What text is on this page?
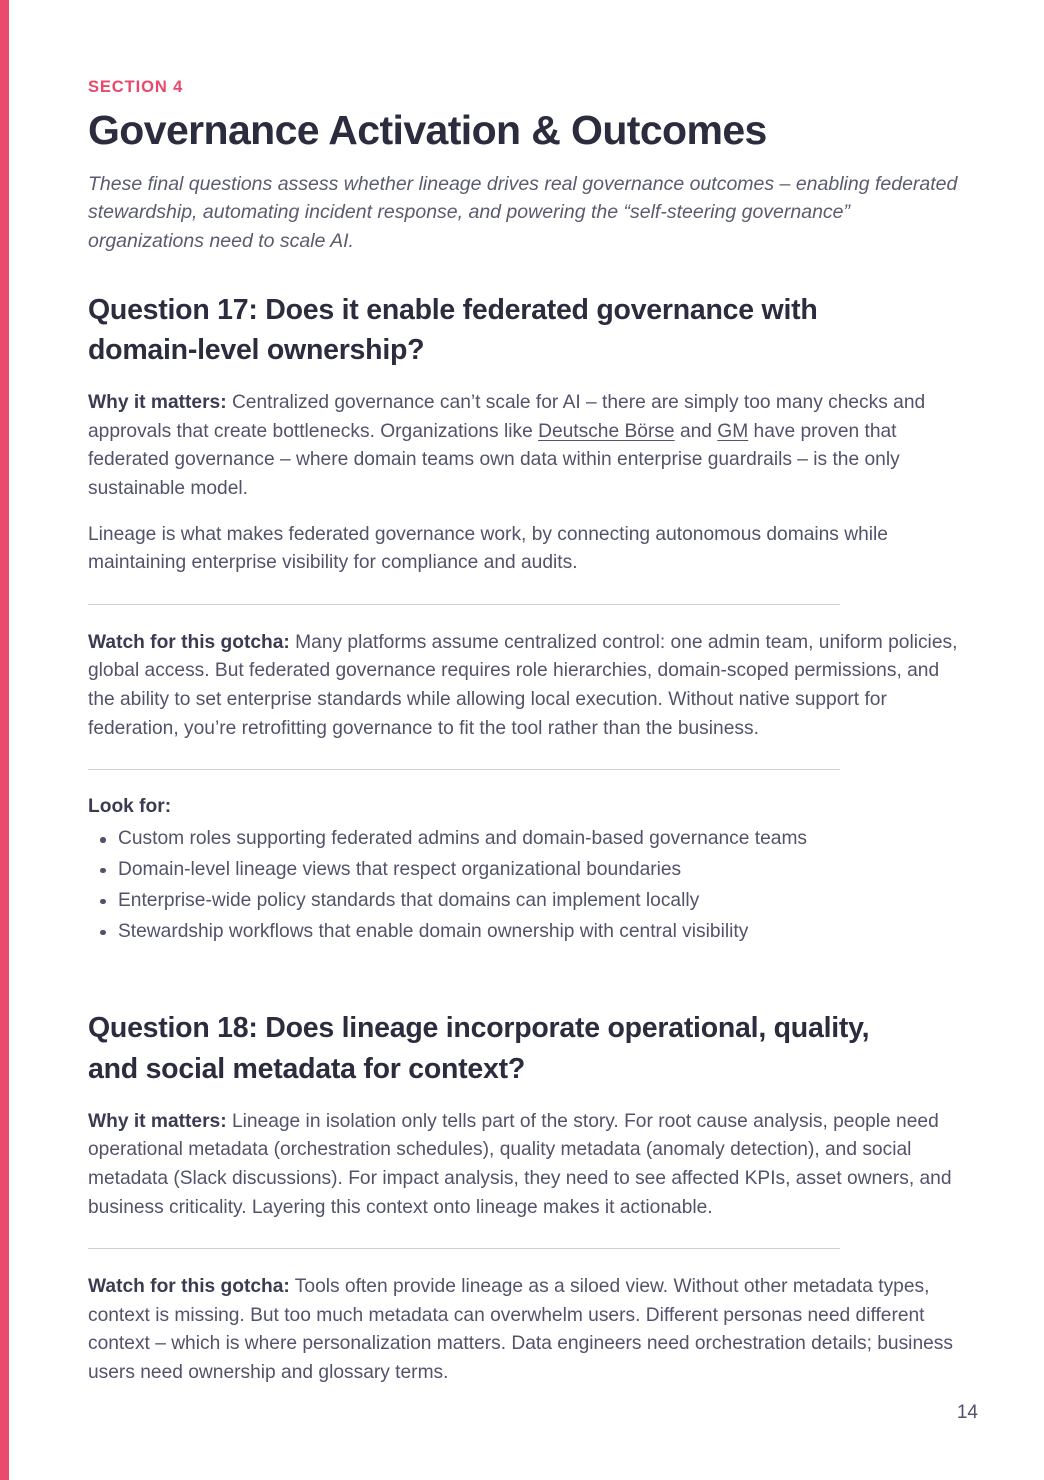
SECTION 4

Governance Activation & Outcomes

These final questions assess whether lineage drives real governance outcomes – enabling federated stewardship, automating incident response, and powering the “self-steering governance” organizations need to scale AI.

Question 17: Does it enable federated governance with domain-level ownership?

Why it matters: Centralized governance can’t scale for AI – there are simply too many checks and approvals that create bottlenecks. Organizations like Deutsche Börse and GM have proven that federated governance – where domain teams own data within enterprise guardrails – is the only sustainable model.

Lineage is what makes federated governance work, by connecting autonomous domains while maintaining enterprise visibility for compliance and audits.

Watch for this gotcha: Many platforms assume centralized control: one admin team, uniform policies, global access. But federated governance requires role hierarchies, domain-scoped permissions, and the ability to set enterprise standards while allowing local execution. Without native support for federation, you’re retrofitting governance to fit the tool rather than the business.

Look for:

Custom roles supporting federated admins and domain-based governance teams
Domain-level lineage views that respect organizational boundaries
Enterprise-wide policy standards that domains can implement locally
Stewardship workflows that enable domain ownership with central visibility
Question 18: Does lineage incorporate operational, quality, and social metadata for context?

Why it matters: Lineage in isolation only tells part of the story. For root cause analysis, people need operational metadata (orchestration schedules), quality metadata (anomaly detection), and social metadata (Slack discussions). For impact analysis, they need to see affected KPIs, asset owners, and business criticality. Layering this context onto lineage makes it actionable.

Watch for this gotcha: Tools often provide lineage as a siloed view. Without other metadata types, context is missing. But too much metadata can overwhelm users. Different personas need different context – which is where personalization matters. Data engineers need orchestration details; business users need ownership and glossary terms.

14
